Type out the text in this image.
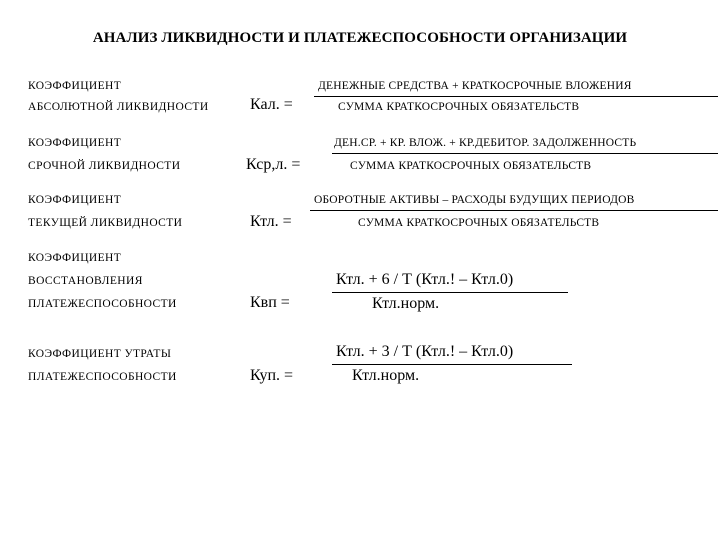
АНАЛИЗ ЛИКВИДНОСТИ И ПЛАТЕЖЕСПОСОБНОСТИ ОРГАНИЗАЦИИ
КОЭФФИЦИЕНТ
АБСОЛЮТНОЙ ЛИКВИДНОСТИ	Кал. =
ДЕНЕЖНЫЕ СРЕДСТВА + КРАТКОСРОЧНЫЕ ВЛОЖЕНИЯ
СУММА КРАТКОСРОЧНЫХ ОБЯЗАТЕЛЬСТВ
КОЭФФИЦИЕНТ
СРОЧНОЙ ЛИКВИДНОСТИ	Кср,л. =
ДЕН.СР. + КР. ВЛОЖ. + КР.ДЕБИТОР. ЗАДОЛЖЕННОСТЬ
СУММА КРАТКОСРОЧНЫХ ОБЯЗАТЕЛЬСТВ
КОЭФФИЦИЕНТ
ТЕКУЩЕЙ ЛИКВИДНОСТИ	Ктл. =
ОБОРОТНЫЕ АКТИВЫ – РАСХОДЫ БУДУЩИХ ПЕРИОДОВ
СУММА КРАТКОСРОЧНЫХ ОБЯЗАТЕЛЬСТВ
КОЭФФИЦИЕНТ
ВОССТАНОВЛЕНИЯ
ПЛАТЕЖЕСПОСОБНОСТИ	Квп =
Ктл. + 6 / Т (Ктл.! – Ктл.0)
Ктл.норм.
КОЭФФИЦИЕНТ УТРАТЫ
ПЛАТЕЖЕСПОСОБНОСТИ	Куп. =
Ктл. + 3 / Т (Ктл.! – Ктл.0)
Ктл.норм.
